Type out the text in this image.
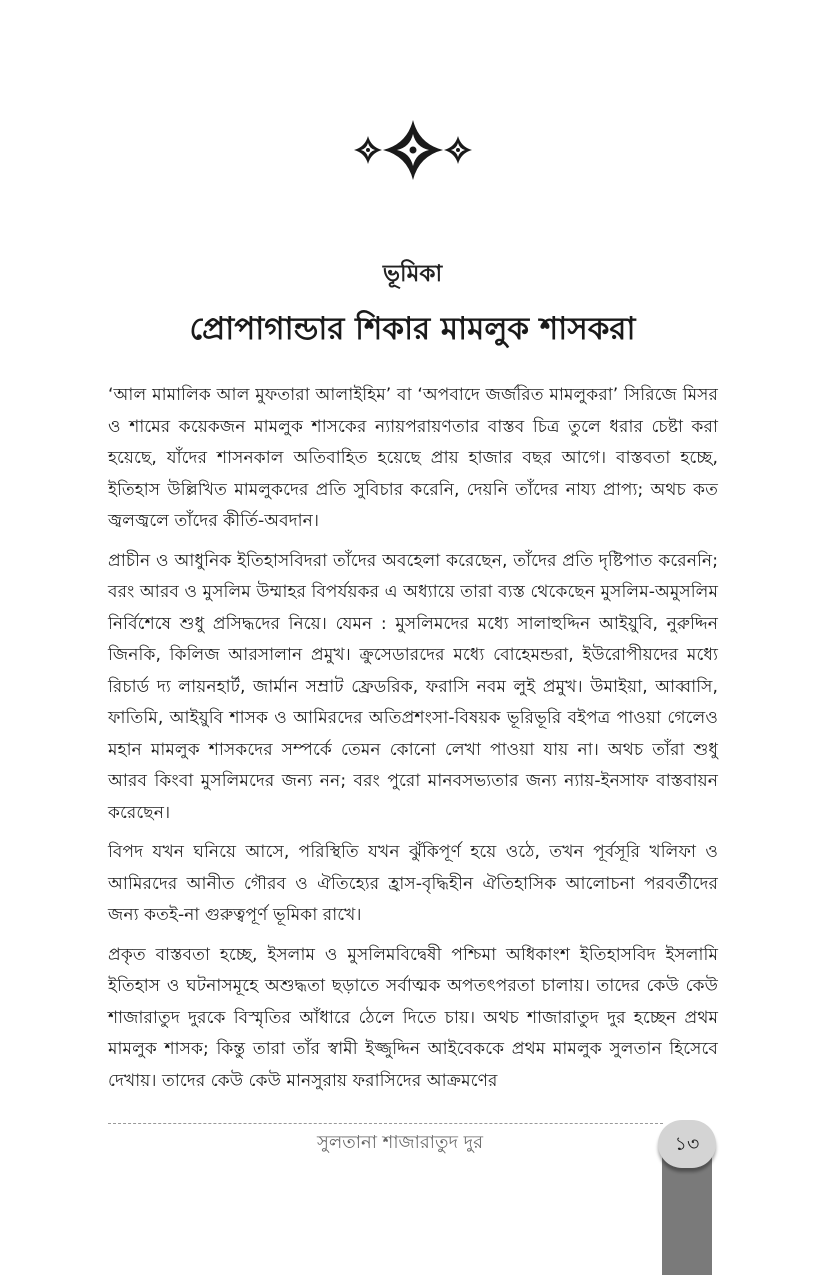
ভূমিকা
প্রোপাগান্ডার শিকার মামলুক শাসকরা

‘আল মামালিক আল মুফতারা আলাইহিম’ বা ‘অপবাদে জর্জরিত মামলুকরা’ সিরিজে মিসর ও শামের কয়েকজন মামলুক শাসকের ন্যায়পরায়ণতার বাস্তব চিত্র তুলে ধরার চেষ্টা করা হয়েছে, যাঁদের শাসনকাল অতিবাহিত হয়েছে প্রায় হাজার বছর আগে। বাস্তবতা হচ্ছে, ইতিহাস উল্লিখিত মামলুকদের প্রতি সুবিচার করেনি, দেয়নি তাঁদের নায্য প্রাপ্য; অথচ কত জ্বলজ্বলে তাঁদের কীর্তি-অবদান।

প্রাচীন ও আধুনিক ইতিহাসবিদরা তাঁদের অবহেলা করেছেন, তাঁদের প্রতি দৃষ্টিপাত করেননি; বরং আরব ও মুসলিম উম্মাহর বিপর্যয়কর এ অধ্যায়ে তারা ব্যস্ত থেকেছেন মুসলিম-অমুসলিম নির্বিশেষে শুধু প্রসিদ্ধদের নিয়ে। যেমন : মুসলিমদের মধ্যে সালাহুদ্দিন আইয়ুবি, নুরুদ্দিন জিনকি, কিলিজ আরসালান প্রমুখ। ক্রুসেডারদের মধ্যে বোহেমন্ডরা, ইউরোপীয়দের মধ্যে রিচার্ড দ্য লায়নহার্ট, জার্মান সম্রাট ফ্রেডরিক, ফরাসি নবম লুই প্রমুখ। উমাইয়া, আব্বাসি, ফাতিমি, আইয়ুবি শাসক ও আমিরদের অতিপ্রশংসা-বিষয়ক ভূরিভূরি বইপত্র পাওয়া গেলেও মহান মামলুক শাসকদের সম্পর্কে তেমন কোনো লেখা পাওয়া যায় না। অথচ তাঁরা শুধু আরব কিংবা মুসলিমদের জন্য নন; বরং পুরো মানবসভ্যতার জন্য ন্যায়-ইনসাফ বাস্তবায়ন করেছেন।

বিপদ যখন ঘনিয়ে আসে, পরিস্থিতি যখন ঝুঁকিপূর্ণ হয়ে ওঠে, তখন পূর্বসূরি খলিফা ও আমিরদের আনীত গৌরব ও ঐতিহ্যের হ্রাস-বৃদ্ধিহীন ঐতিহাসিক আলোচনা পরবর্তীদের জন্য কতই-না গুরুত্বপূর্ণ ভূমিকা রাখে।

প্রকৃত বাস্তবতা হচ্ছে, ইসলাম ও মুসলিমবিদ্বেষী পশ্চিমা অধিকাংশ ইতিহাসবিদ ইসলামি ইতিহাস ও ঘটনাসমূহে অশুদ্ধতা ছড়াতে সর্বাত্মক অপতৎপরতা চালায়। তাদের কেউ কেউ শাজারাতুদ দুরকে বিস্মৃতির আঁধারে ঠেলে দিতে চায়। অথচ শাজারাতুদ দুর হচ্ছেন প্রথম মামলুক শাসক; কিন্তু তারা তাঁর স্বামী ইজ্জুদ্দিন আইবেককে প্রথম মামলুক সুলতান হিসেবে দেখায়। তাদের কেউ কেউ মানসুরায় ফরাসিদের আক্রমণের

সুলতানা শাজারাতুদ দুর	১৩
